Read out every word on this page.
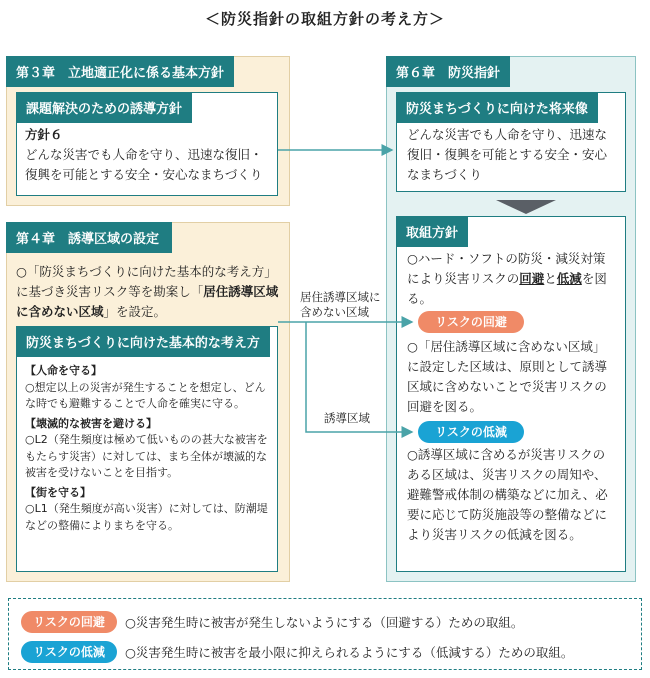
＜防災指針の取組方針の考え方＞
第３章　立地適正化に係る基本方針
課題解決のための誘導方針
方針６
どんな災害でも人命を守り、迅速な復旧・復興を可能とする安全・安心なまちづくり
第４章　誘導区域の設定
○「防災まちづくりに向けた基本的な考え方」に基づき災害リスク等を勘案し「居住誘導区域に含めない区域」を設定。
防災まちづくりに向けた基本的な考え方
【人命を守る】
○想定以上の災害が発生することを想定し、どんな時でも避難することで人命を確実に守る。
【壊滅的な被害を避ける】
○L2（発生頻度は極めて低いものの甚大な被害をもたらす災害）に対しては、まち全体が壊滅的な被害を受けないことを目指す。
【街を守る】
○L1（発生頻度が高い災害）に対しては、防潮堤などの整備によりまちを守る。
第６章　防災指針
防災まちづくりに向けた将来像
どんな災害でも人命を守り、迅速な復旧・復興を可能とする安全・安心なまちづくり
取組方針
○ハード・ソフトの防災・減災対策により災害リスクの回避と低減を図る。
○「居住誘導区域に含めない区域」に設定した区域は、原則として誘導区域に含めないことで災害リスクの回避を図る。
○誘導区域に含めるが災害リスクのある区域は、災害リスクの周知や、避難警戒体制の構築などに加え、必要に応じて防災施設等の整備などにより災害リスクの低減を図る。
リスクの回避
リスクの低減
居住誘導区域に
含めない区域
誘導区域
リスクの回避	○災害発生時に被害が発生しないようにする（回避する）ための取組。
リスクの低減	○災害発生時に被害を最小限に抑えられるようにする（低減する）ための取組。
